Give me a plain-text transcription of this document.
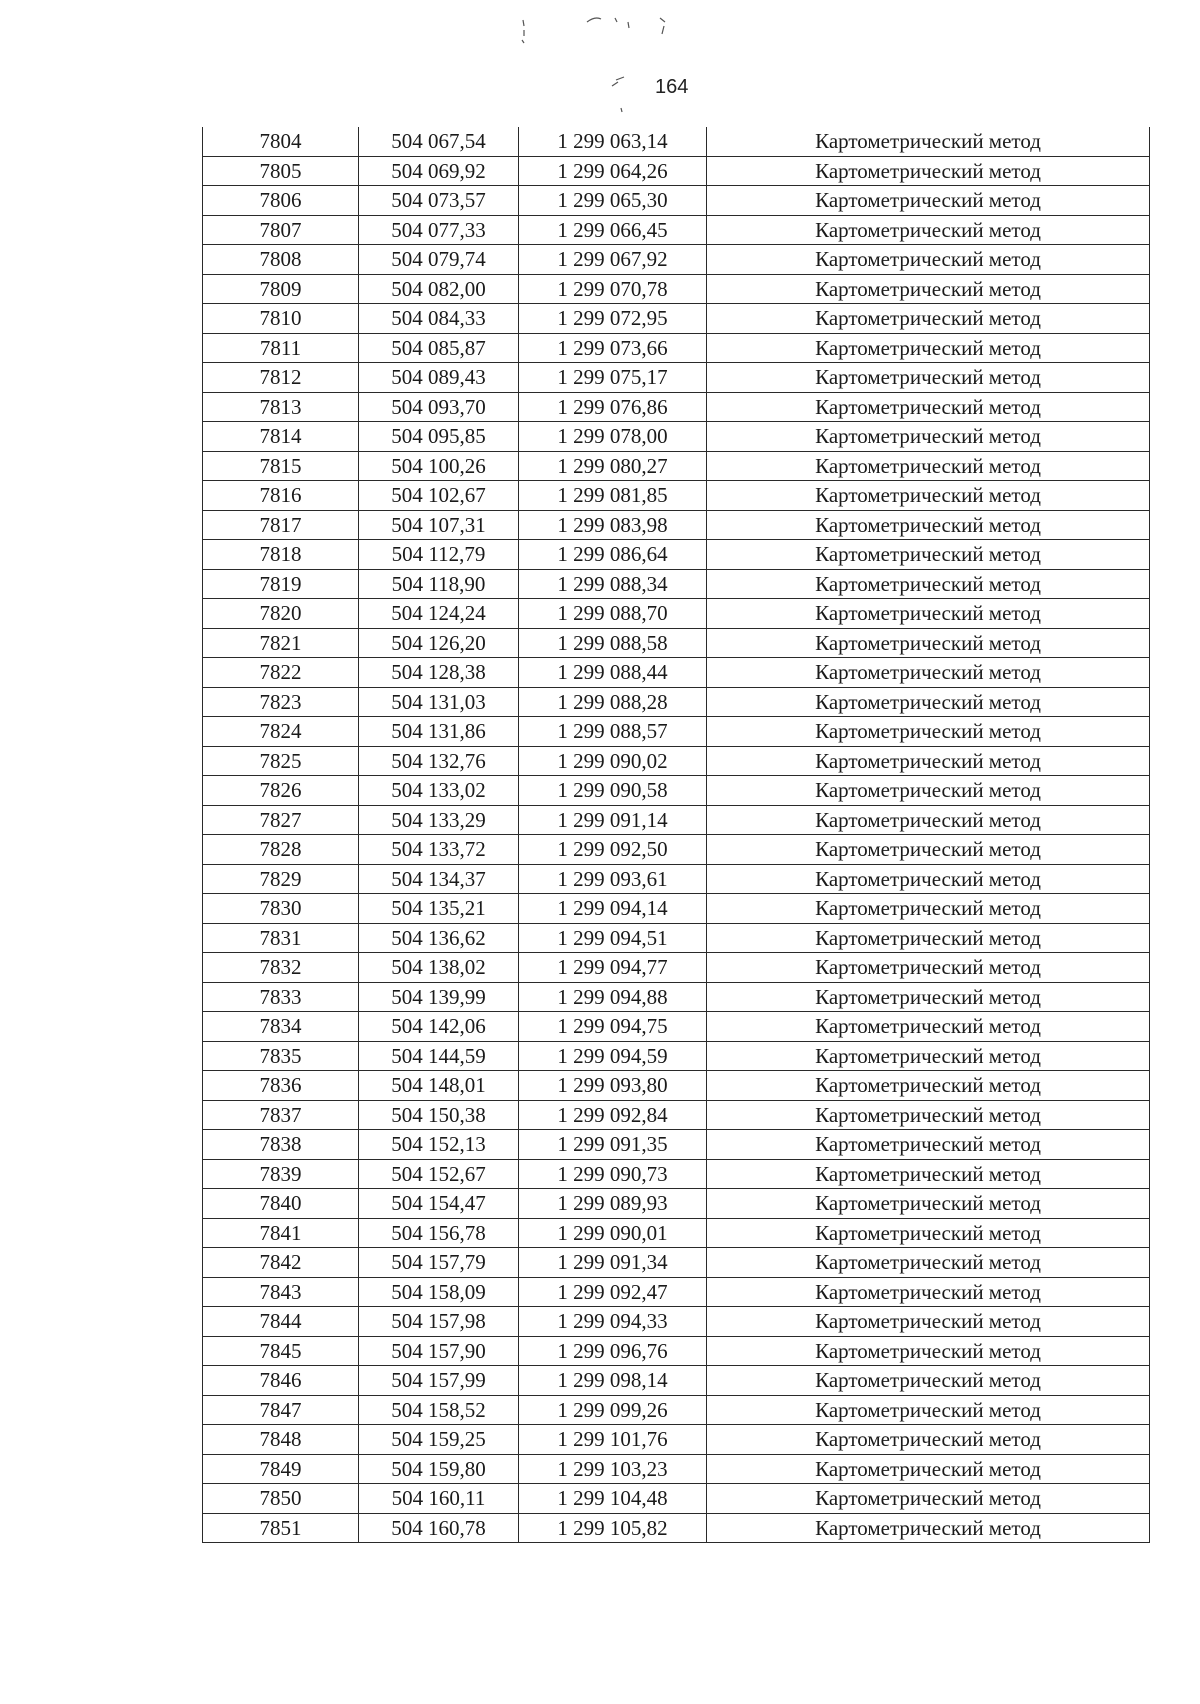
164
7804	504 067,54	1 299 063,14	Картометрический метод
7805	504 069,92	1 299 064,26	Картометрический метод
7806	504 073,57	1 299 065,30	Картометрический метод
7807	504 077,33	1 299 066,45	Картометрический метод
7808	504 079,74	1 299 067,92	Картометрический метод
7809	504 082,00	1 299 070,78	Картометрический метод
7810	504 084,33	1 299 072,95	Картометрический метод
7811	504 085,87	1 299 073,66	Картометрический метод
7812	504 089,43	1 299 075,17	Картометрический метод
7813	504 093,70	1 299 076,86	Картометрический метод
7814	504 095,85	1 299 078,00	Картометрический метод
7815	504 100,26	1 299 080,27	Картометрический метод
7816	504 102,67	1 299 081,85	Картометрический метод
7817	504 107,31	1 299 083,98	Картометрический метод
7818	504 112,79	1 299 086,64	Картометрический метод
7819	504 118,90	1 299 088,34	Картометрический метод
7820	504 124,24	1 299 088,70	Картометрический метод
7821	504 126,20	1 299 088,58	Картометрический метод
7822	504 128,38	1 299 088,44	Картометрический метод
7823	504 131,03	1 299 088,28	Картометрический метод
7824	504 131,86	1 299 088,57	Картометрический метод
7825	504 132,76	1 299 090,02	Картометрический метод
7826	504 133,02	1 299 090,58	Картометрический метод
7827	504 133,29	1 299 091,14	Картометрический метод
7828	504 133,72	1 299 092,50	Картометрический метод
7829	504 134,37	1 299 093,61	Картометрический метод
7830	504 135,21	1 299 094,14	Картометрический метод
7831	504 136,62	1 299 094,51	Картометрический метод
7832	504 138,02	1 299 094,77	Картометрический метод
7833	504 139,99	1 299 094,88	Картометрический метод
7834	504 142,06	1 299 094,75	Картометрический метод
7835	504 144,59	1 299 094,59	Картометрический метод
7836	504 148,01	1 299 093,80	Картометрический метод
7837	504 150,38	1 299 092,84	Картометрический метод
7838	504 152,13	1 299 091,35	Картометрический метод
7839	504 152,67	1 299 090,73	Картометрический метод
7840	504 154,47	1 299 089,93	Картометрический метод
7841	504 156,78	1 299 090,01	Картометрический метод
7842	504 157,79	1 299 091,34	Картометрический метод
7843	504 158,09	1 299 092,47	Картометрический метод
7844	504 157,98	1 299 094,33	Картометрический метод
7845	504 157,90	1 299 096,76	Картометрический метод
7846	504 157,99	1 299 098,14	Картометрический метод
7847	504 158,52	1 299 099,26	Картометрический метод
7848	504 159,25	1 299 101,76	Картометрический метод
7849	504 159,80	1 299 103,23	Картометрический метод
7850	504 160,11	1 299 104,48	Картометрический метод
7851	504 160,78	1 299 105,82	Картометрический метод
